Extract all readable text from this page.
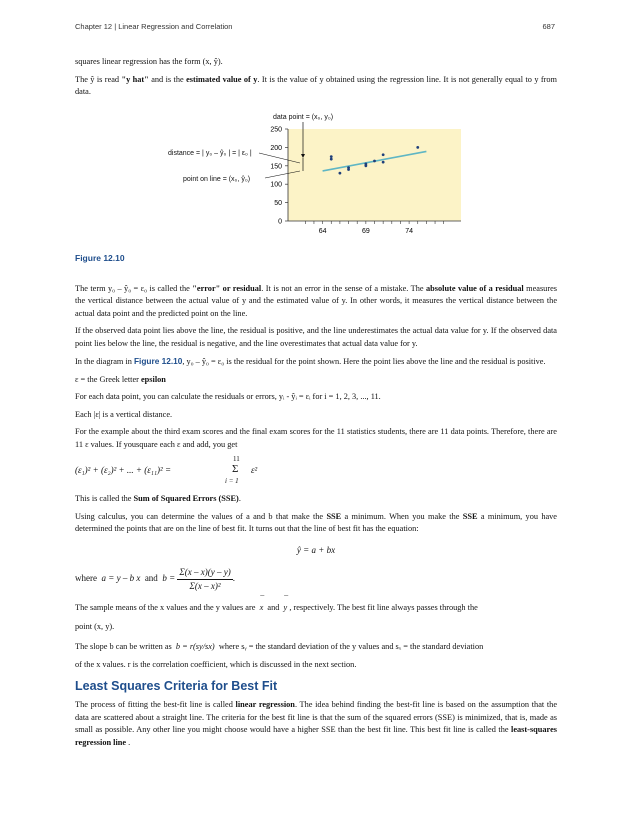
Chapter 12 | Linear Regression and Correlation	687

squares linear regression has the form (x, ŷ).

The ŷ is read "y hat" and is the estimated value of y. It is the value of y obtained using the regression line. It is not generally equal to y from data.

0
50
100
150
200
250
64	69	74
data point = (x₀, y₀)
distance = | y₀ – ŷ₀ | = | ε₀ |
point on line = (x₀, ŷ₀)
Figure 12.10

The term y₀ – ŷ₀ = ε₀ is called the "error" or residual. It is not an error in the sense of a mistake. The absolute value of a residual measures the vertical distance between the actual value of y and the estimated value of y. In other words, it measures the vertical distance between the actual data point and the predicted point on the line.

If the observed data point lies above the line, the residual is positive, and the line underestimates the actual data value for y. If the observed data point lies below the line, the residual is negative, and the line overestimates that actual data value for y.

In the diagram in Figure 12.10, y₀ – ŷ₀ = ε₀ is the residual for the point shown. Here the point lies above the line and the residual is positive.

ε = the Greek letter epsilon

For each data point, you can calculate the residuals or errors, yᵢ - ŷᵢ = εᵢ for i = 1, 2, 3, ..., 11.

Each |ε| is a vertical distance.

For the example about the third exam scores and the final exam scores for the 11 statistics students, there are 11 data points. Therefore, there are 11 ε values. If yousquare each ε and add, you get

(ε₁)² + (ε₂)² + ... + (ε₁₁)² =
11
Σ
i = 1
ε²

This is called the Sum of Squared Errors (SSE).

Using calculus, you can determine the values of a and b that make the SSE a minimum. When you make the SSE a minimum, you have determined the points that are on the line of best fit. It turns out that the line of best fit has the equation:

ŷ = a + bx

where a = y – b x and $b = \frac{\Sigma(x - x)(y - y)}{\text{Σ(x – x)²}}$ .

The sample means of the x values and the y values are ¯ x and ¯ y , respectively. The best fit line always passes through the

point (x, y).

The slope b can be written as b = r(sy/sx) where sᵧ = the standard deviation of the y values and sₓ = the standard deviation

of the x values. r is the correlation coefficient, which is discussed in the next section.

Least Squares Criteria for Best Fit

The process of fitting the best-fit line is called linear regression. The idea behind finding the best-fit line is based on the assumption that the data are scattered about a straight line. The criteria for the best fit line is that the sum of the squared errors (SSE) is minimized, that is, made as small as possible. Any other line you might choose would have a higher SSE than the best fit line. This best fit line is called the least-squares regression line .
